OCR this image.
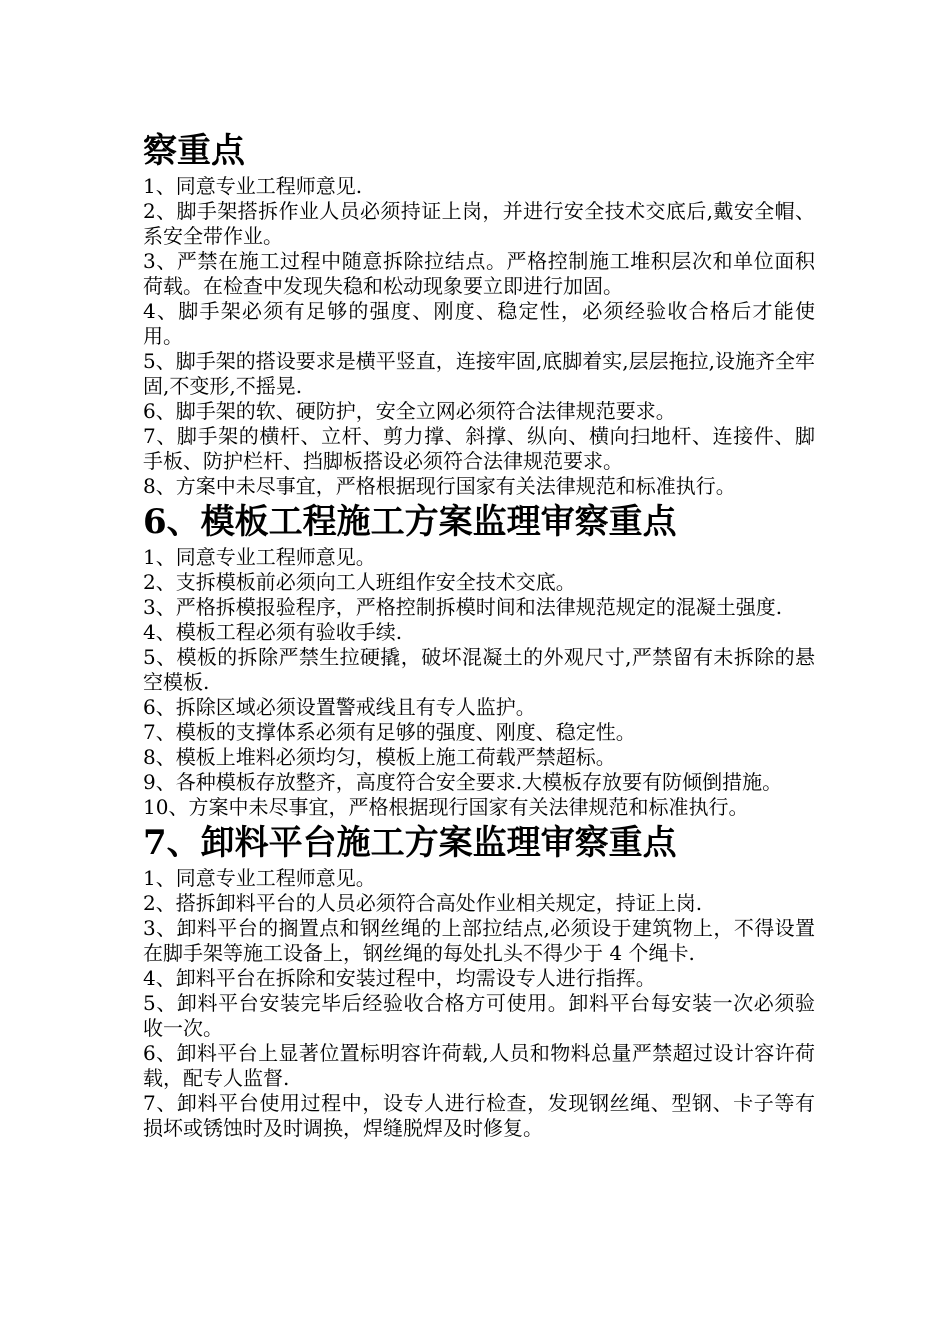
察重点

1、同意专业工程师意见.

2、脚手架搭拆作业人员必须持证上岗，并进行安全技术交底后,戴安全帽、系安全带作业。

3、严禁在施工过程中随意拆除拉结点。严格控制施工堆积层次和单位面积荷载。在检查中发现失稳和松动现象要立即进行加固。

4、脚手架必须有足够的强度、刚度、稳定性，必须经验收合格后才能使用。

5、脚手架的搭设要求是横平竖直，连接牢固,底脚着实,层层拖拉,设施齐全牢固,不变形,不摇晃.

6、脚手架的软、硬防护，安全立网必须符合法律规范要求。

7、脚手架的横杆、立杆、剪力撑、斜撑、纵向、横向扫地杆、连接件、脚手板、防护栏杆、挡脚板搭设必须符合法律规范要求。

8、方案中未尽事宜，严格根据现行国家有关法律规范和标准执行。

6、模板工程施工方案监理审察重点

1、同意专业工程师意见。

2、支拆模板前必须向工人班组作安全技术交底。

3、严格拆模报验程序，严格控制拆模时间和法律规范规定的混凝土强度.

4、模板工程必须有验收手续.

5、模板的拆除严禁生拉硬撬，破坏混凝土的外观尺寸,严禁留有未拆除的悬空模板.

6、拆除区域必须设置警戒线且有专人监护。

7、模板的支撑体系必须有足够的强度、刚度、稳定性。

8、模板上堆料必须均匀，模板上施工荷载严禁超标。

9、各种模板存放整齐，高度符合安全要求.大模板存放要有防倾倒措施。

10、方案中未尽事宜，严格根据现行国家有关法律规范和标准执行。

7、卸料平台施工方案监理审察重点

1、同意专业工程师意见。

2、搭拆卸料平台的人员必须符合高处作业相关规定，持证上岗.

3、卸料平台的搁置点和钢丝绳的上部拉结点,必须设于建筑物上，不得设置在脚手架等施工设备上，钢丝绳的每处扎头不得少于 4 个绳卡.

4、卸料平台在拆除和安装过程中，均需设专人进行指挥。

5、卸料平台安装完毕后经验收合格方可使用。卸料平台每安装一次必须验收一次。

6、卸料平台上显著位置标明容许荷载,人员和物料总量严禁超过设计容许荷载，配专人监督.

7、卸料平台使用过程中，设专人进行检查，发现钢丝绳、型钢、卡子等有损坏或锈蚀时及时调换，焊缝脱焊及时修复。
